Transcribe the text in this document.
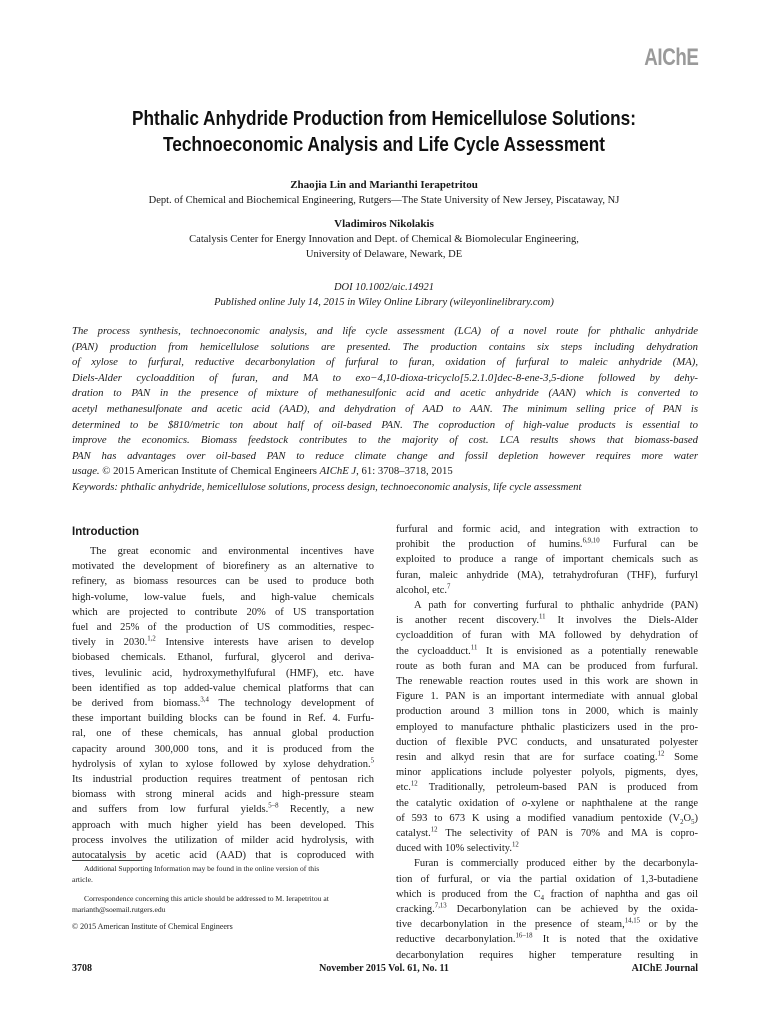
AIChE
Phthalic Anhydride Production from Hemicellulose Solutions:
Technoeconomic Analysis and Life Cycle Assessment
Zhaojia Lin and Marianthi Ierapetritou
Dept. of Chemical and Biochemical Engineering, Rutgers—The State University of New Jersey, Piscataway, NJ
Vladimiros Nikolakis
Catalysis Center for Energy Innovation and Dept. of Chemical & Biomolecular Engineering,
University of Delaware, Newark, DE
DOI 10.1002/aic.14921
Published online July 14, 2015 in Wiley Online Library (wileyonlinelibrary.com)
The process synthesis, technoeconomic analysis, and life cycle assessment (LCA) of a novel route for phthalic anhydride
(PAN) production from hemicellulose solutions are presented. The production contains six steps including dehydration
of xylose to furfural, reductive decarbonylation of furfural to furan, oxidation of furfural to maleic anhydride (MA),
Diels-Alder cycloaddition of furan, and MA to exo−4,10-dioxa-tricyclo[5.2.1.0]dec-8-ene-3,5-dione followed by dehy-
dration to PAN in the presence of mixture of methanesulfonic acid and acetic anhydride (AAN) which is converted to
acetyl methanesulfonate and acetic acid (AAD), and dehydration of AAD to AAN. The minimum selling price of PAN is
determined to be $810/metric ton about half of oil-based PAN. The coproduction of high-value products is essential to
improve the economics. Biomass feedstock contributes to the majority of cost. LCA results shows that biomass-based
PAN has advantages over oil-based PAN to reduce climate change and fossil depletion however requires more water
usage. © 2015 American Institute of Chemical Engineers AIChE J, 61: 3708–3718, 2015
Keywords: phthalic anhydride, hemicellulose solutions, process design, technoeconomic analysis, life cycle assessment
Introduction
The great economic and environmental incentives have
motivated the development of biorefinery as an alternative to
refinery, as biomass resources can be used to produce both
high-volume, low-value fuels, and high-value chemicals
which are projected to contribute 20% of US transportation
fuel and 25% of the production of US commodities, respec-
tively in 2030.$^{1,2}$ Intensive interests have arisen to develop
biobased chemicals. Ethanol, furfural, glycerol and deriva-
tives, levulinic acid, hydroxymethylfufural (HMF), etc. have
been identified as top added-value chemical platforms that can
be derived from biomass.$^{3,4}$ The technology development of
these important building blocks can be found in Ref. 4. Furfu-
ral, one of these chemicals, has annual global production
capacity around 300,000 tons, and it is produced from the
hydrolysis of xylan to xylose followed by xylose dehydration.$^5$
Its industrial production requires treatment of pentosan rich
biomass with strong mineral acids and high-pressure steam
and suffers from low furfural yields.$^{5-8}$ Recently, a new
approach with much higher yield has been developed. This
process involves the utilization of milder acid hydrolysis, with
autocatalysis by acetic acid (AAD) that is coproduced with
Additional Supporting Information may be found in the online version of this
article.
Correspondence concerning this article should be addressed to M. Ierapetritou at
marianth@soemail.rutgers.edu
© 2015 American Institute of Chemical Engineers
furfural and formic acid, and integration with extraction to
prohibit the production of humins.$^{6,9,10}$ Furfural can be
exploited to produce a range of important chemicals such as
furan, maleic anhydride (MA), tetrahydrofuran (THF), furfuryl
alcohol, etc.$^7$
A path for converting furfural to phthalic anhydride (PAN)
is another recent discovery.$^{11}$ It involves the Diels-Alder
cycloaddition of furan with MA followed by dehydration of
the cycloadduct.$^{11}$ It is envisioned as a potentially renewable
route as both furan and MA can be produced from furfural.
The renewable reaction routes used in this work are shown in
Figure 1. PAN is an important intermediate with annual global
production around 3 million tons in 2000, which is mainly
employed to manufacture phthalic plasticizers used in the pro-
duction of flexible PVC conducts, and unsaturated polyester
resin and alkyd resin that are for surface coating.$^{12}$ Some
minor applications include polyester polyols, pigments, dyes,
etc.$^{12}$ Traditionally, petroleum-based PAN is produced from
the catalytic oxidation of o-xylene or naphthalene at the range
of 593 to 673 K using a modified vanadium pentoxide $(V_2O_5)$
catalyst.$^{12}$ The selectivity of PAN is 70% and MA is copro-
duced with 10% selectivity.$^{12}$
Furan is commercially produced either by the decarbonyla-
tion of furfural, or via the partial oxidation of 1,3-butadiene
which is produced from the $C_4$ fraction of naphtha and gas oil
cracking.$^{7,13}$ Decarbonylation can be achieved by the oxida-
tive decarbonylation in the presence of steam,$^{14,15}$ or by the
reductive decarbonylation.$^{16-18}$ It is noted that the oxidative
decarbonylation requires higher temperature resulting in
3708	November 2015 Vol. 61, No. 11	AIChE Journal
